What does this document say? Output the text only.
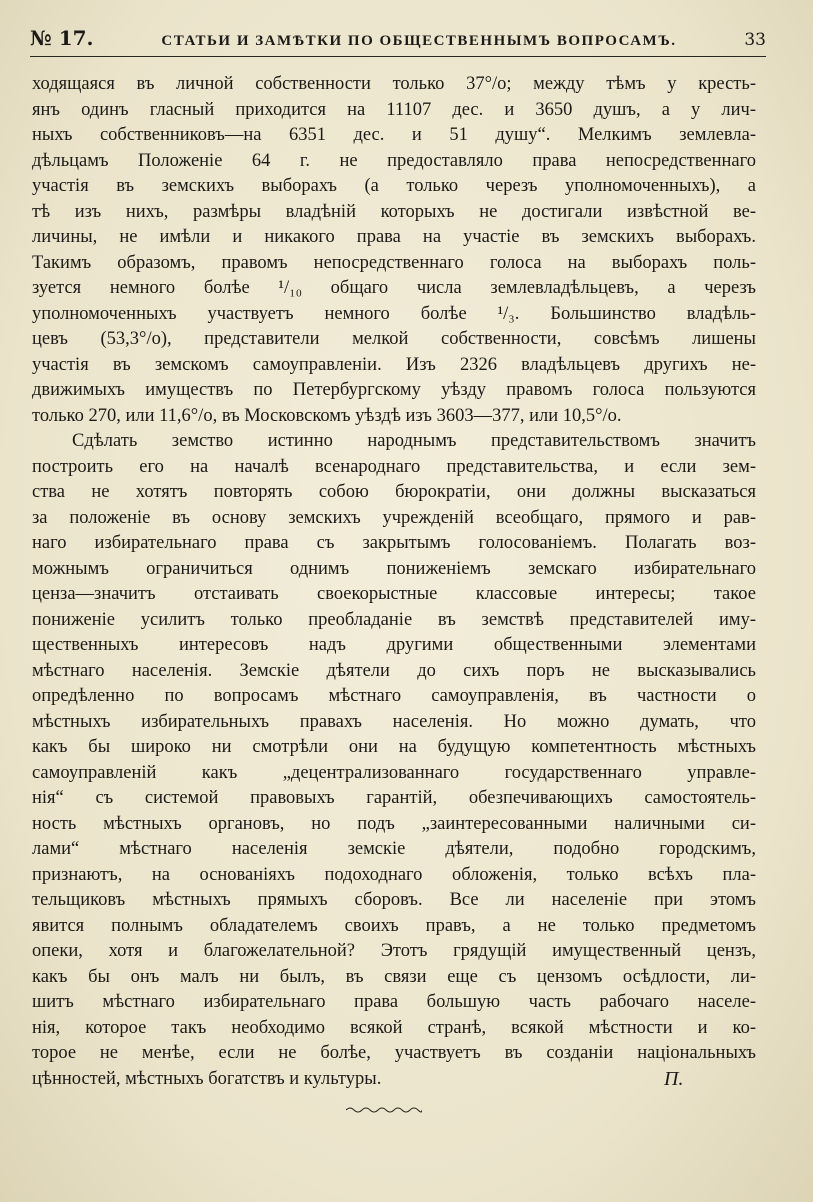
№ 17.	СТАТЬИ И ЗАМѢТКИ ПО ОБЩЕСТВЕННЫМЪ ВОПРОСАМЪ.	33
ходящаяся въ личной собственности только 37°/о; между тѣмъ у кресть-
янъ одинъ гласный приходится на 11107 дес. и 3650 душъ, а у лич-
ныхъ собственниковъ—на 6351 дес. и 51 душу“. Мелкимъ землевла-
дѣльцамъ Положеніе 64 г. не предоставляло права непосредственнаго
участія въ земскихъ выборахъ (а только черезъ уполномоченныхъ), а
тѣ изъ нихъ, размѣры владѣній которыхъ не достигали извѣстной ве-
личины, не имѣли и никакого права на участіе въ земскихъ выборахъ.
Такимъ образомъ, правомъ непосредственнаго голоса на выборахъ поль-
зуется немного болѣе ¹/₁₀ общаго числа землевладѣльцевъ, а черезъ
уполномоченныхъ участвуетъ немного болѣе ¹/₃. Большинство владѣль-
цевъ (53,3°/о), представители мелкой собственности, совсѣмъ лишены
участія въ земскомъ самоуправленіи. Изъ 2326 владѣльцевъ другихъ не-
движимыхъ имуществъ по Петербургскому уѣзду правомъ голоса пользуются
только 270, или 11,6°/о, въ Московскомъ уѣздѣ изъ 3603—377, или 10,5°/о.
Сдѣлать земство истинно народнымъ представительствомъ значитъ
построить его на началѣ всенароднаго представительства, и если зем-
ства не хотятъ повторять собою бюрократіи, они должны высказаться
за положеніе въ основу земскихъ учрежденій всеобщаго, прямого и рав-
наго избирательнаго права съ закрытымъ голосованіемъ. Полагать воз-
можнымъ ограничиться однимъ пониженіемъ земскаго избирательнаго
ценза—значитъ отстаивать своекорыстные классовые интересы; такое
пониженіе усилитъ только преобладаніе въ земствѣ представителей иму-
щественныхъ интересовъ надъ другими общественными элементами
мѣстнаго населенія. Земскіе дѣятели до сихъ поръ не высказывались
опредѣленно по вопросамъ мѣстнаго самоуправленія, въ частности о
мѣстныхъ избирательныхъ правахъ населенія. Но можно думать, что
какъ бы широко ни смотрѣли они на будущую компетентность мѣстныхъ
самоуправленій какъ „децентрализованнаго государственнаго управле-
нія“ съ системой правовыхъ гарантій, обезпечивающихъ самостоятель-
ность мѣстныхъ органовъ, но подъ „заинтересованными наличными си-
лами“ мѣстнаго населенія земскіе дѣятели, подобно городскимъ,
признаютъ, на основаніяхъ подоходнаго обложенія, только всѣхъ пла-
тельщиковъ мѣстныхъ прямыхъ сборовъ. Все ли населеніе при этомъ
явится полнымъ обладателемъ своихъ правъ, а не только предметомъ
опеки, хотя и благожелательной? Этотъ грядущій имущественный цензъ,
какъ бы онъ малъ ни былъ, въ связи еще съ цензомъ осѣдлости, ли-
шитъ мѣстнаго избирательнаго права большую часть рабочаго населе-
нія, которое такъ необходимо всякой странѣ, всякой мѣстности и ко-
торое не менѣе, если не болѣе, участвуетъ въ созданіи національныхъ
цѣнностей, мѣстныхъ богатствъ и культуры.	П.
